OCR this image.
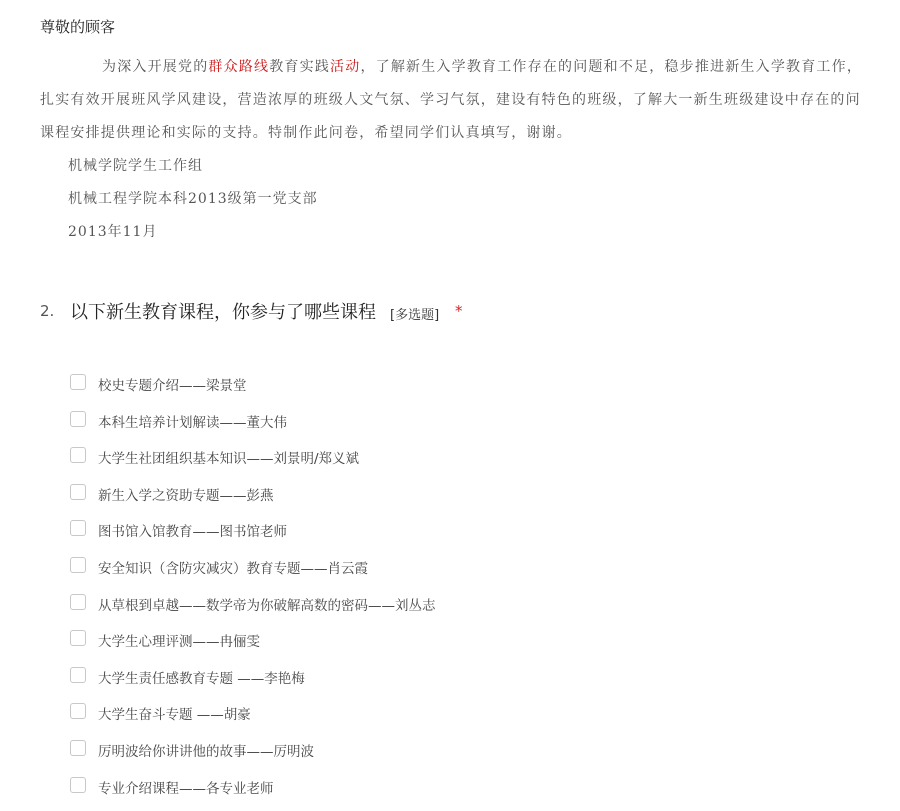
尊敬的顾客
为深入开展党的群众路线教育实践活动，了解新生入学教育工作存在的问题和不足，稳步推进新生入学教育工作，
扎实有效开展班风学风建设，营造浓厚的班级人文气氛、学习气氛，建设有特色的班级，了解大一新生班级建设中存在的问
课程安排提供理论和实际的支持。特制作此问卷，希望同学们认真填写，谢谢。
机械学院学生工作组
机械工程学院本科2013级第一党支部
2013年11月
2. 以下新生教育课程，你参与了哪些课程 [多选题] *
校史专题介绍——梁景堂
本科生培养计划解读——董大伟
大学生社团组织基本知识——刘景明/郑义斌
新生入学之资助专题——彭燕
图书馆入馆教育——图书馆老师
安全知识（含防灾减灾）教育专题——肖云霞
从草根到卓越——数学帝为你破解高数的密码——刘丛志
大学生心理评测——冉俪雯
大学生责任感教育专题 ——李艳梅
大学生奋斗专题 ——胡豪
厉明波给你讲讲他的故事——厉明波
专业介绍课程——各专业老师
